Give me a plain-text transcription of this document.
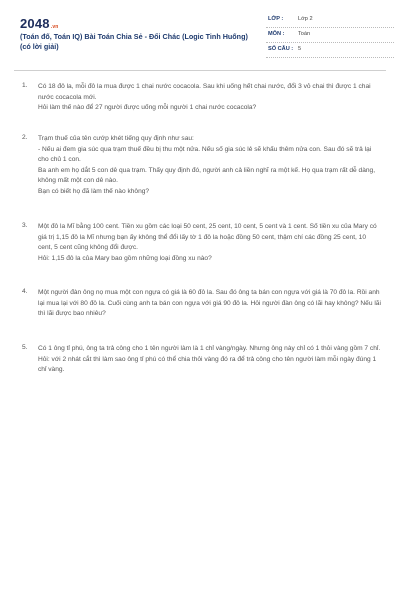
2048.vn
(Toán đố, Toán IQ) Bài Toán Chia Sẻ - Đổi Chác (Logic Tinh Huống) (có lời giải)
LỚP :	Lớp 2
MÔN : Toán
SỐ CÂU : 5
1. Có 18 đô la, mỗi đô la mua được 1 chai nước cocacola. Sau khi uống hết chai nước, đổi 3 vỏ chai thì được 1 chai nước cocacola mới.

Hỏi làm thế nào để 27 người được uống mỗi người 1 chai nước cocacola?

2. Trạm thuế của tên cướp khét tiếng quy định như sau:

- Nếu ai đem gia súc qua trạm thuế đều bị thu một nửa. Nếu số gia súc lẻ sẽ khấu thêm nửa con. Sau đó sẽ trả lại cho chủ 1 con.

Ba anh em họ dắt 5 con dê qua trạm. Thấy quy định đó, người anh cả liền nghĩ ra một kế. Họ qua trạm rất dễ dàng, không mất một con dê nào.

Bạn có biết họ đã làm thế nào không?

3. Một đô la Mĩ bằng 100 cent. Tiền xu gồm các loại 50 cent, 25 cent, 10 cent, 5 cent và 1 cent. Số tiền xu của Mary có giá trị 1,15 đô la Mĩ nhưng bạn ấy không thể đổi lấy tờ 1 đô la hoặc đồng 50 cent, thậm chí các đồng 25 cent, 10 cent, 5 cent cũng không đổi được.

Hỏi: 1,15 đô la của Mary bao gồm những loại đồng xu nào?

4. Một người đàn ông nọ mua một con ngựa có giá là 60 đô la. Sau đó ông ta bán con ngựa với giá là 70 đô la. Rồi anh lại mua lại với 80 đô la. Cuối cùng anh ta bán con ngựa với giá 90 đô la. Hỏi người đàn ông có lãi hay không? Nếu lãi thì lãi được bao nhiêu?

5. Có 1 ông tỉ phú, ông ta trả công cho 1 tên người làm là 1 chỉ vàng/ngày. Nhưng ông này chỉ có 1 thỏi vàng gồm 7 chỉ.

Hỏi: với 2 nhát cắt thì làm sao ông tỉ phú có thể chia thỏi vàng đó ra để trả công cho tên người làm mỗi ngày đúng 1 chỉ vàng.
